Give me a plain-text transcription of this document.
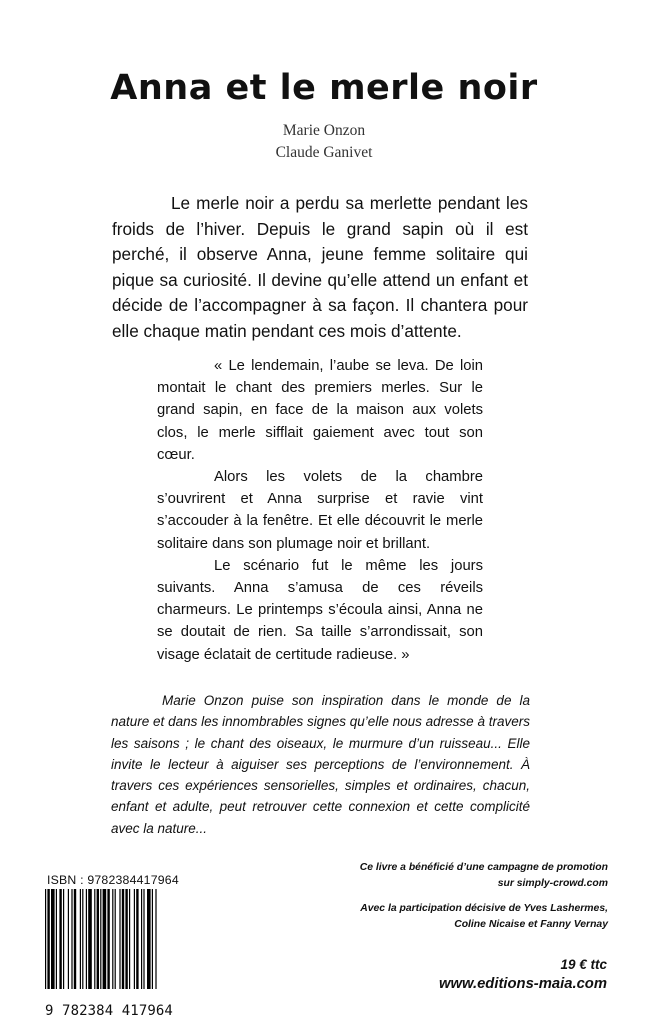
Anna et le merle noir
Marie Onzon
Claude Ganivet

Le merle noir a perdu sa merlette pendant les froids de l’hiver. Depuis le grand sapin où il est perché, il observe Anna, jeune femme solitaire qui pique sa curiosité. Il devine qu’elle attend un enfant et décide de l’accompagner à sa façon. Il chantera pour elle chaque matin pendant ces mois d’attente.

« Le lendemain, l’aube se leva. De loin montait le chant des premiers merles. Sur le grand sapin, en face de la maison aux volets clos, le merle sifflait gaiement avec tout son cœur.

Alors les volets de la chambre s’ouvrirent et Anna surprise et ravie vint s’accouder à la fenêtre. Et elle découvrit le merle solitaire dans son plumage noir et brillant.

Le scénario fut le même les jours suivants. Anna s’amusa de ces réveils charmeurs. Le printemps s’écoula ainsi, Anna ne se doutait de rien. Sa taille s’arrondissait, son visage éclatait de certitude radieuse. »

Marie Onzon puise son inspiration dans le monde de la nature et dans les innombrables signes qu’elle nous adresse à travers les saisons ; le chant des oiseaux, le murmure d’un ruisseau... Elle invite le lecteur à aiguiser ses perceptions de l’environnement. À travers ces expériences sensorielles, simples et ordinaires, chacun, enfant et adulte, peut retrouver cette connexion et cette complicité avec la nature...

ISBN : 9782384417964
9 782384 417964
Ce livre a bénéficié d’une campagne de promotion
sur simply-crowd.com
Avec la participation décisive de Yves Lashermes,
Coline Nicaise et Fanny Vernay
19 € ttc
www.editions-maia.com
